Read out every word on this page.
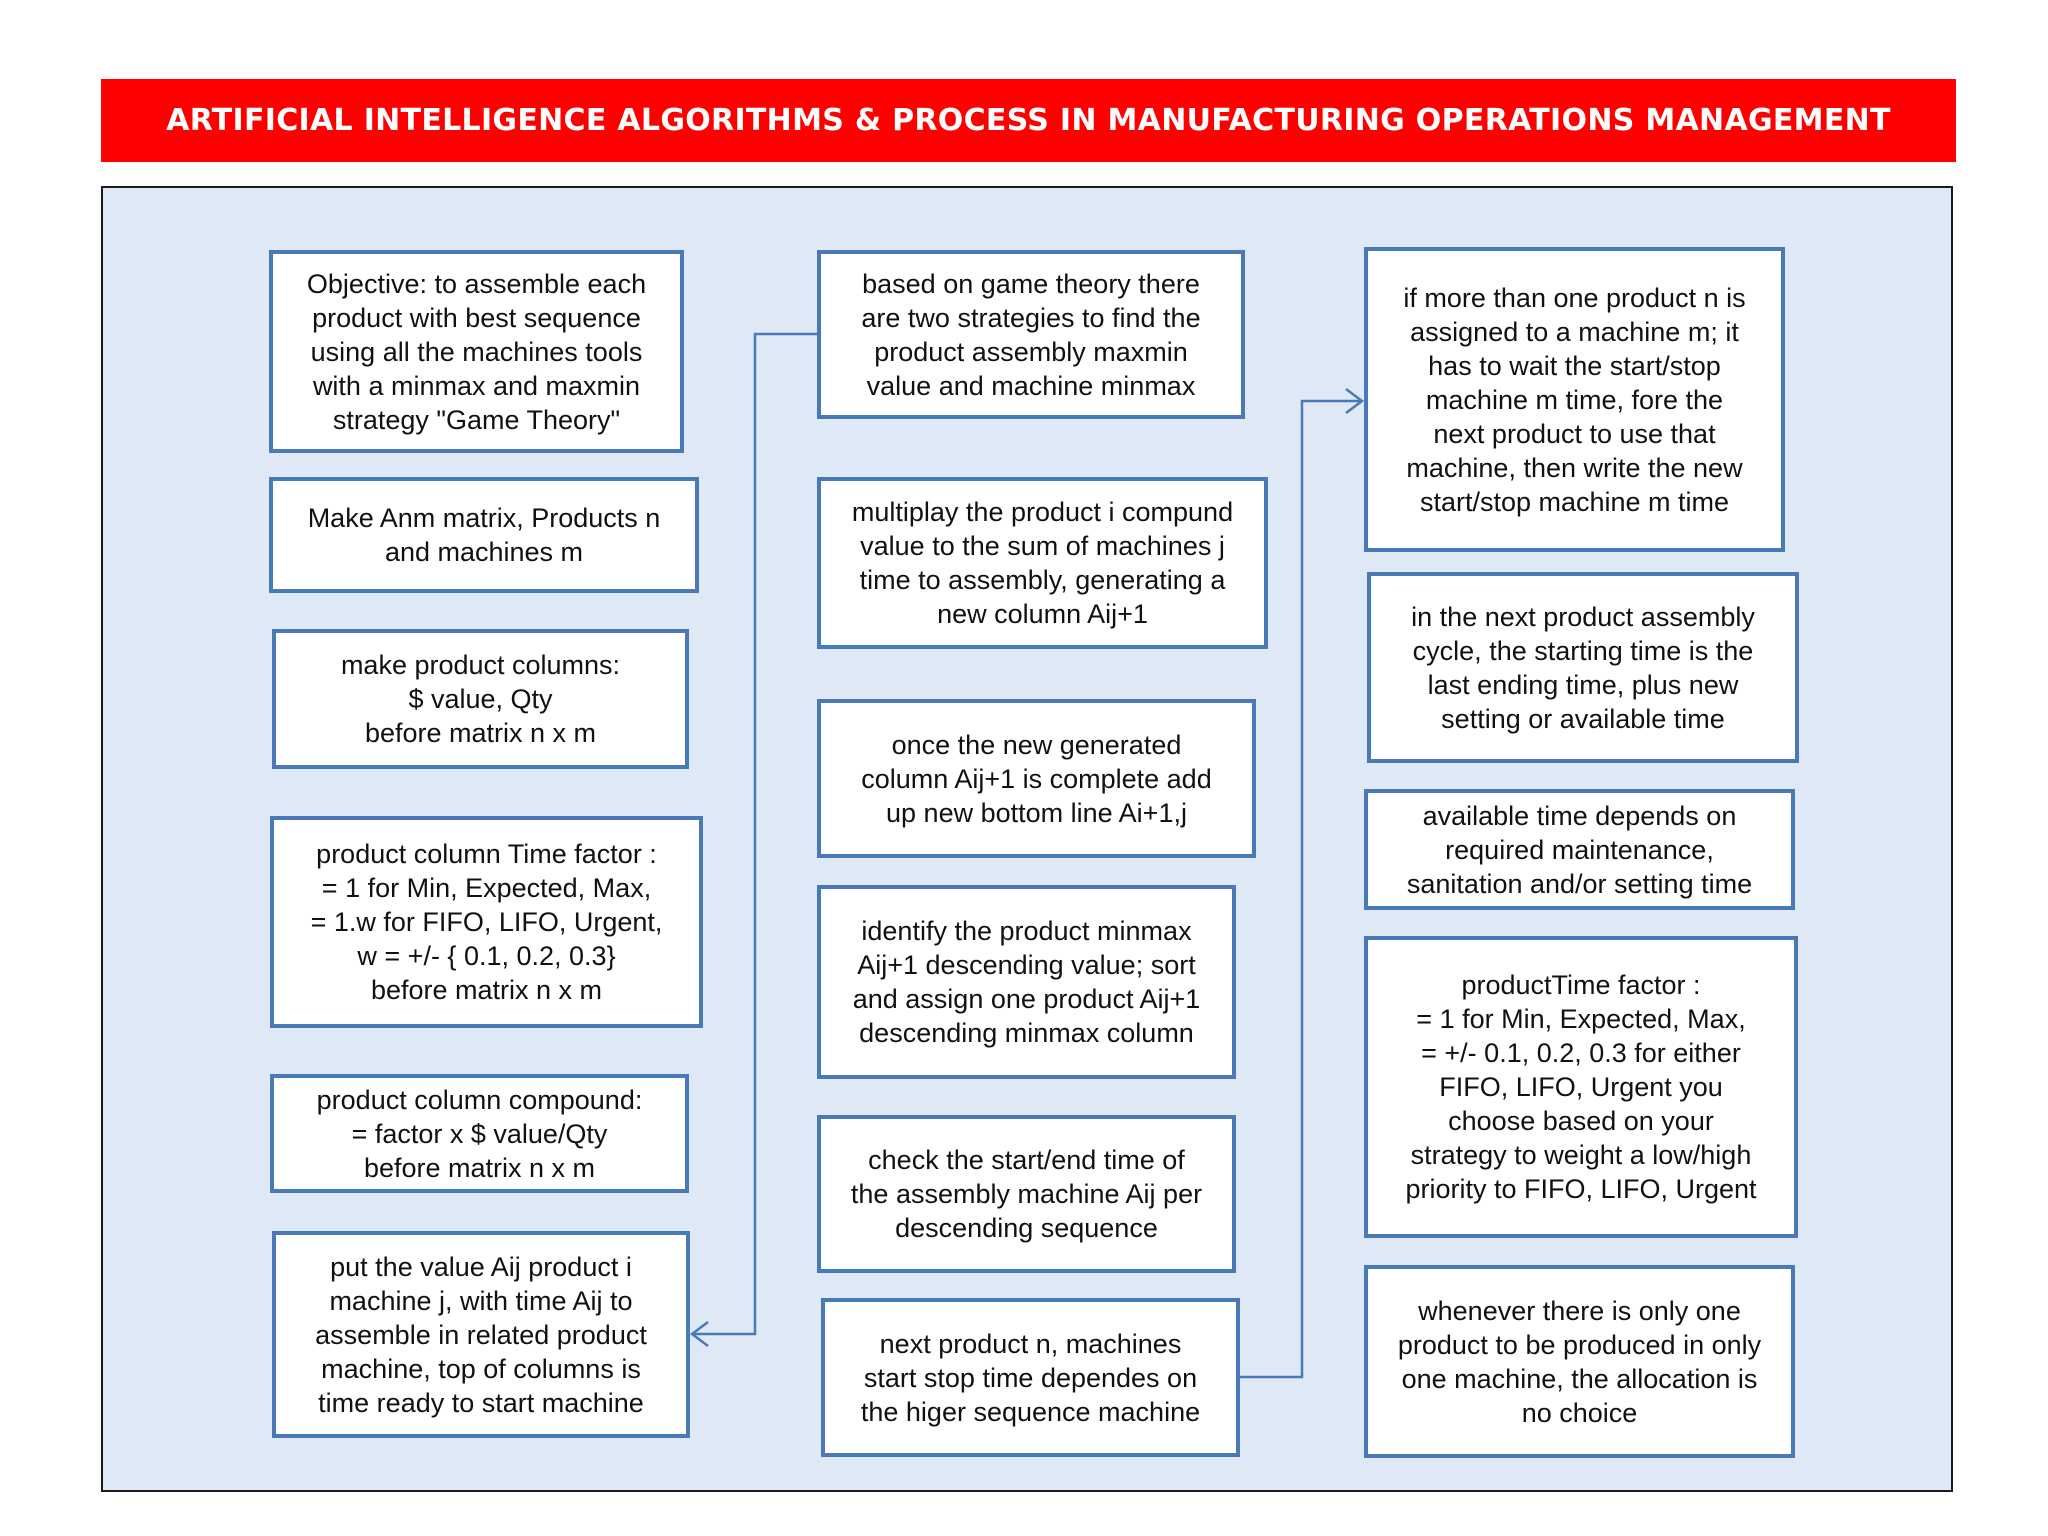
ARTIFICIAL INTELLIGENCE ALGORITHMS & PROCESS IN MANUFACTURING OPERATIONS MANAGEMENT
Objective: to assemble each
product with best sequence
using all the machines tools
with a minmax and maxmin
strategy "Game Theory"
Make Anm matrix, Products n
and machines m
make product columns:
$ value, Qty
before matrix n x m
product column Time factor :
= 1 for Min, Expected, Max,
= 1.w for FIFO, LIFO, Urgent,
w = +/- { 0.1, 0.2, 0.3}
before matrix n x m
product column compound:
= factor x $ value/Qty
before matrix n x m
put the value Aij product i
machine j, with time Aij to
assemble in related product
machine, top of columns is
time ready to start machine
based on game theory there
are two strategies to find the
product assembly maxmin
value and machine minmax
multiplay the product i compund
value to the sum of machines j
time to assembly, generating a
new column Aij+1
once the new generated
column Aij+1 is complete add
up new bottom line Ai+1,j
identify the product minmax
Aij+1 descending value; sort
and assign one product Aij+1
descending minmax column
check the start/end time of
the assembly machine Aij per
descending sequence
next product n, machines
start stop time dependes on
the higer sequence machine
if more than one product n is
assigned to a machine m; it
has to wait the start/stop
machine m time, fore the
next product to use that
machine, then write the new
start/stop machine m time
in the next product assembly
cycle, the starting time is the
last ending time, plus new
setting or available time
available time depends on
required maintenance,
sanitation and/or setting time
productTime factor :
= 1 for Min, Expected, Max,
= +/- 0.1, 0.2, 0.3 for either
FIFO, LIFO, Urgent you
choose based on your
strategy to weight a low/high
priority to FIFO, LIFO, Urgent
whenever there is only one
product to be produced in only
one machine, the allocation is
no choice
